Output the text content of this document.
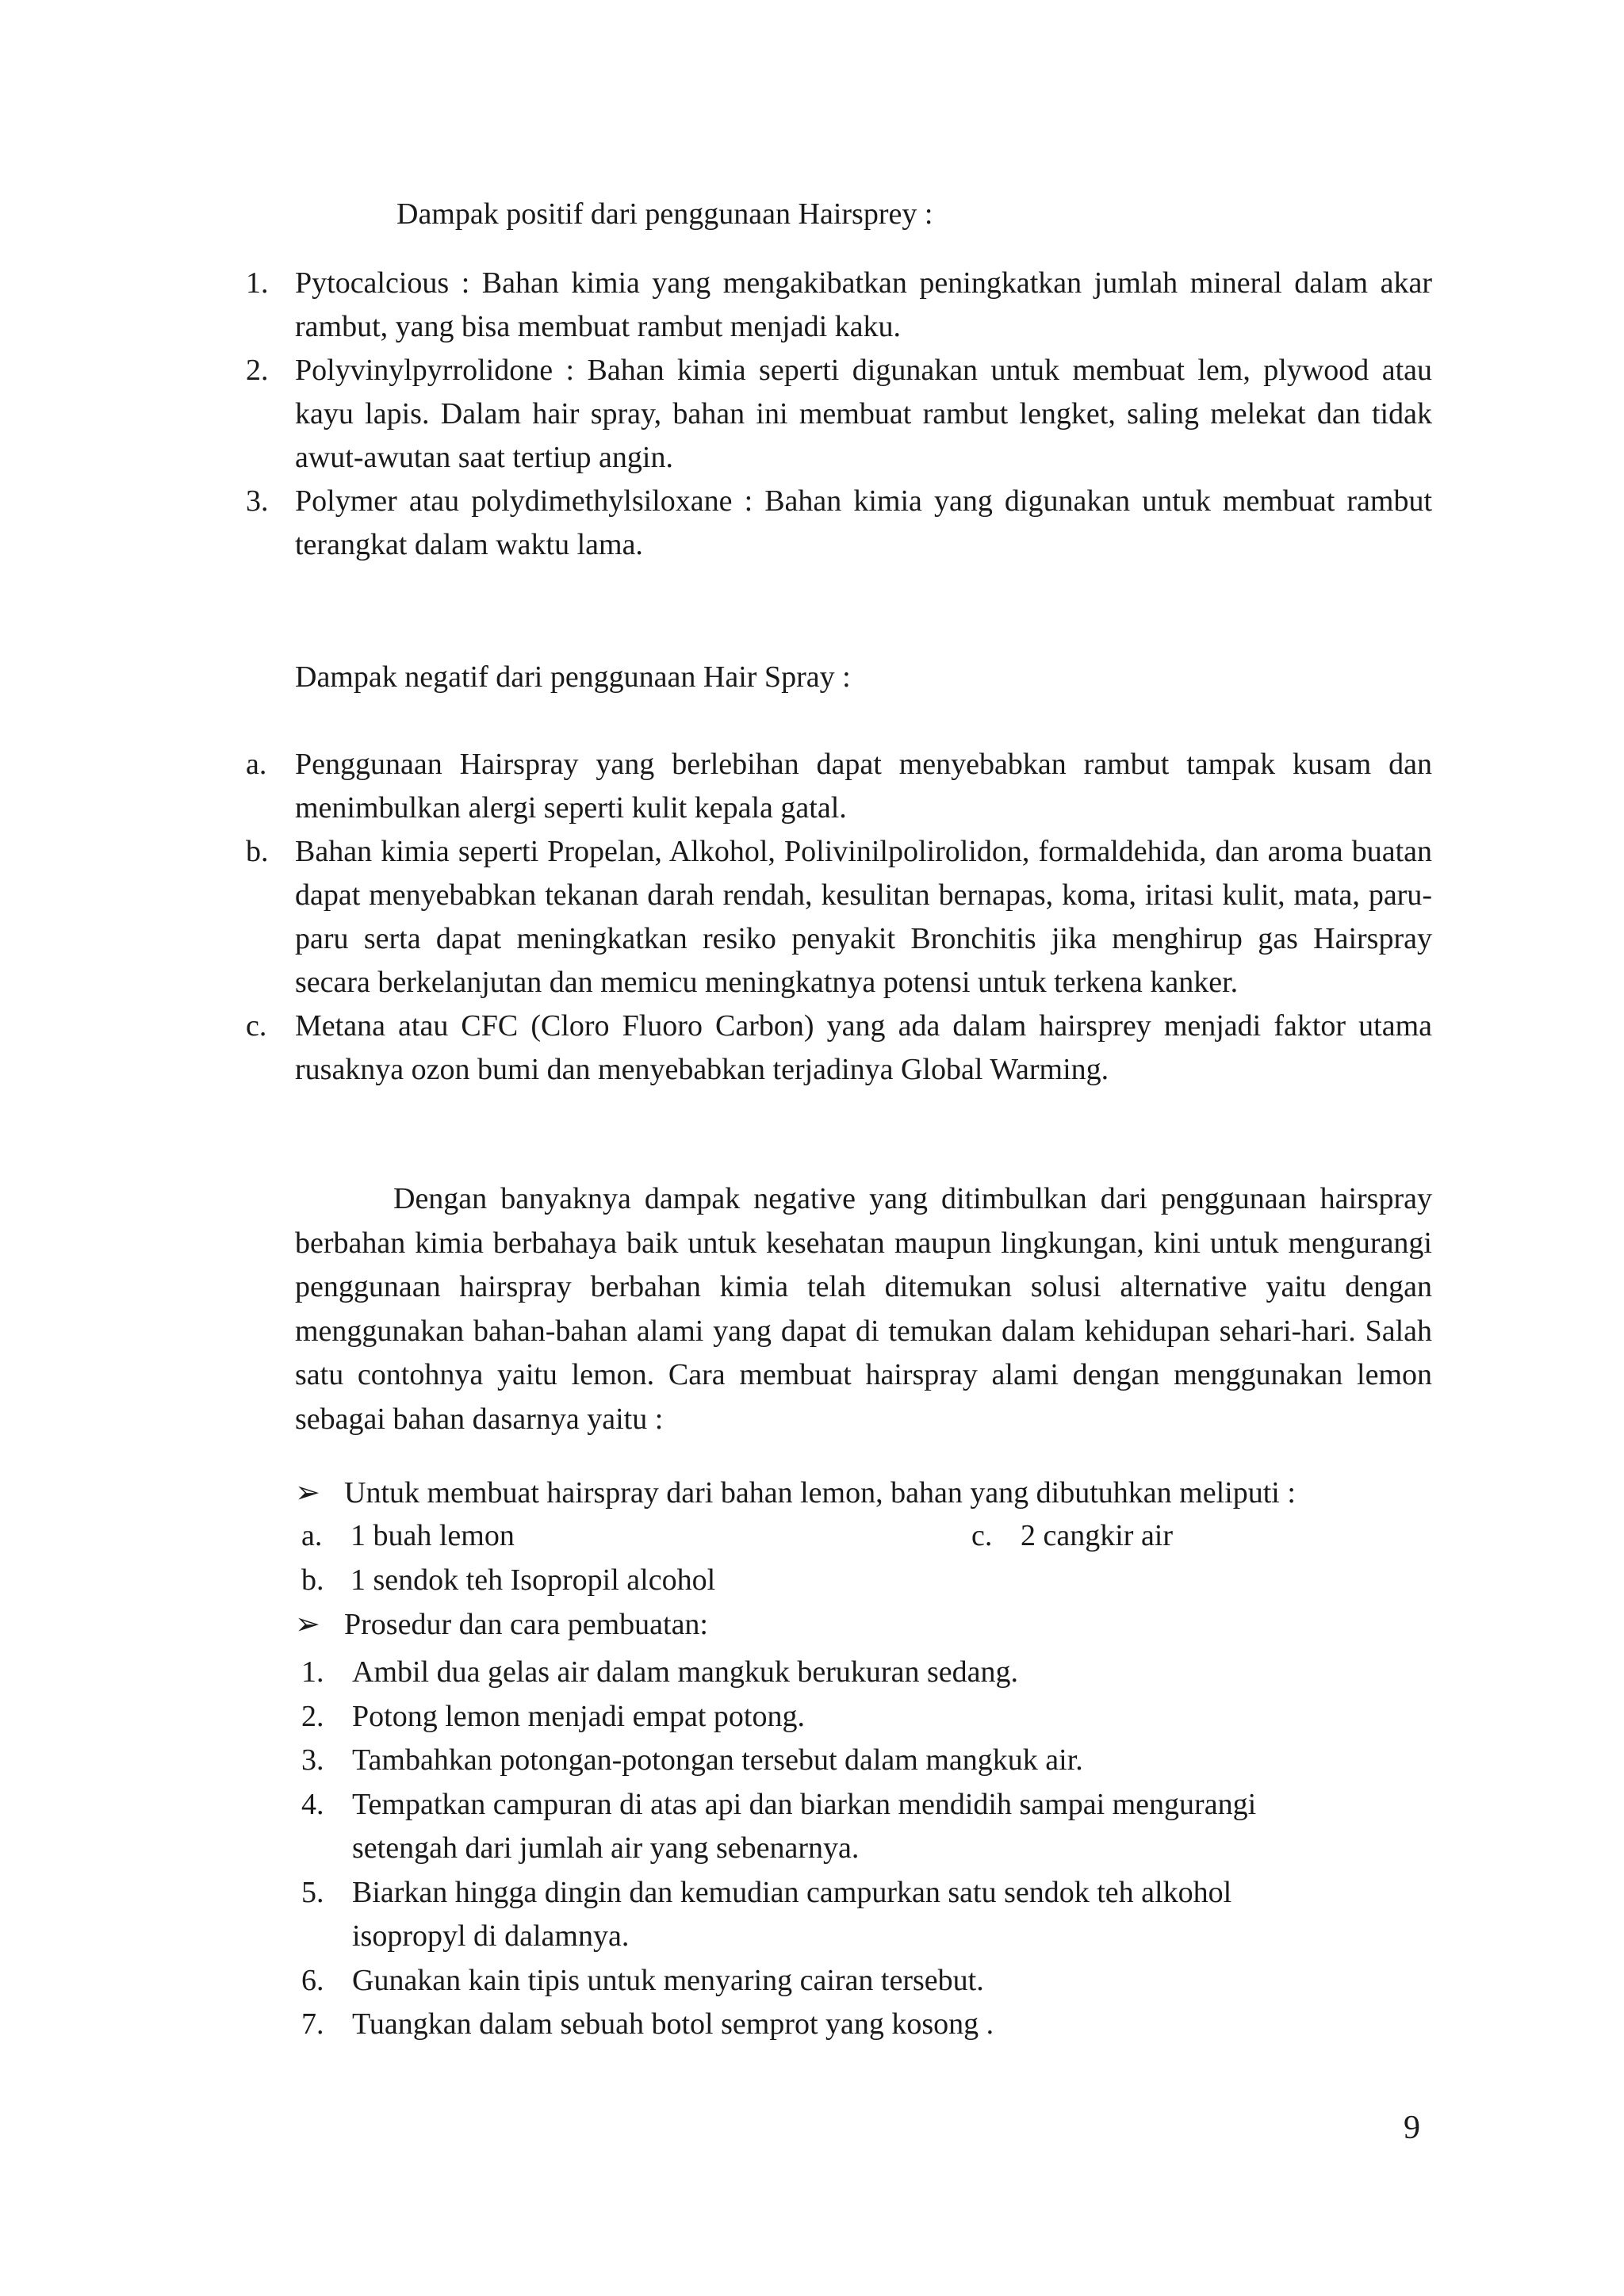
Dampak positif dari penggunaan Hairsprey :
1. Pytocalcious : Bahan kimia yang mengakibatkan peningkatkan jumlah mineral dalam akar rambut, yang bisa membuat rambut menjadi kaku.
2. Polyvinylpyrrolidone : Bahan kimia seperti digunakan untuk membuat lem, plywood atau kayu lapis. Dalam hair spray, bahan ini membuat rambut lengket, saling melekat dan tidak awut-awutan saat tertiup angin.
3. Polymer atau polydimethylsiloxane : Bahan kimia yang digunakan untuk membuat rambut terangkat dalam waktu lama.
Dampak negatif dari penggunaan Hair Spray :
a. Penggunaan Hairspray yang berlebihan dapat menyebabkan rambut tampak kusam dan menimbulkan alergi seperti kulit kepala gatal.
b. Bahan kimia seperti Propelan, Alkohol, Polivinilpolirolidon, formaldehida, dan aroma buatan dapat menyebabkan tekanan darah rendah, kesulitan bernapas, koma, iritasi kulit, mata, paru-paru serta dapat meningkatkan resiko penyakit Bronchitis jika menghirup gas Hairspray secara berkelanjutan dan memicu meningkatnya potensi untuk terkena kanker.
c. Metana atau CFC (Cloro Fluoro Carbon) yang ada dalam hairsprey menjadi faktor utama rusaknya ozon bumi dan menyebabkan terjadinya Global Warming.

Dengan banyaknya dampak negative yang ditimbulkan dari penggunaan hairspray berbahan kimia berbahaya baik untuk kesehatan maupun lingkungan, kini untuk mengurangi penggunaan hairspray berbahan kimia telah ditemukan solusi alternative yaitu dengan menggunakan bahan-bahan alami yang dapat di temukan dalam kehidupan sehari-hari. Salah satu contohnya yaitu lemon. Cara membuat hairspray alami dengan menggunakan lemon sebagai bahan dasarnya yaitu :

➢ Untuk membuat hairspray dari bahan lemon, bahan yang dibutuhkan meliputi :
a. 1 buah lemon
b. 1 sendok teh Isopropil alcohol
c. 2 cangkir air
➢ Prosedur dan cara pembuatan:
1. Ambil dua gelas air dalam mangkuk berukuran sedang.
2. Potong lemon menjadi empat potong.
3. Tambahkan potongan-potongan tersebut dalam mangkuk air.
4. Tempatkan campuran di atas api dan biarkan mendidih sampai mengurangi setengah dari jumlah air yang sebenarnya.
5. Biarkan hingga dingin dan kemudian campurkan satu sendok teh alkohol isopropyl di dalamnya.
6. Gunakan kain tipis untuk menyaring cairan tersebut.
7. Tuangkan dalam sebuah botol semprot yang kosong .
9
